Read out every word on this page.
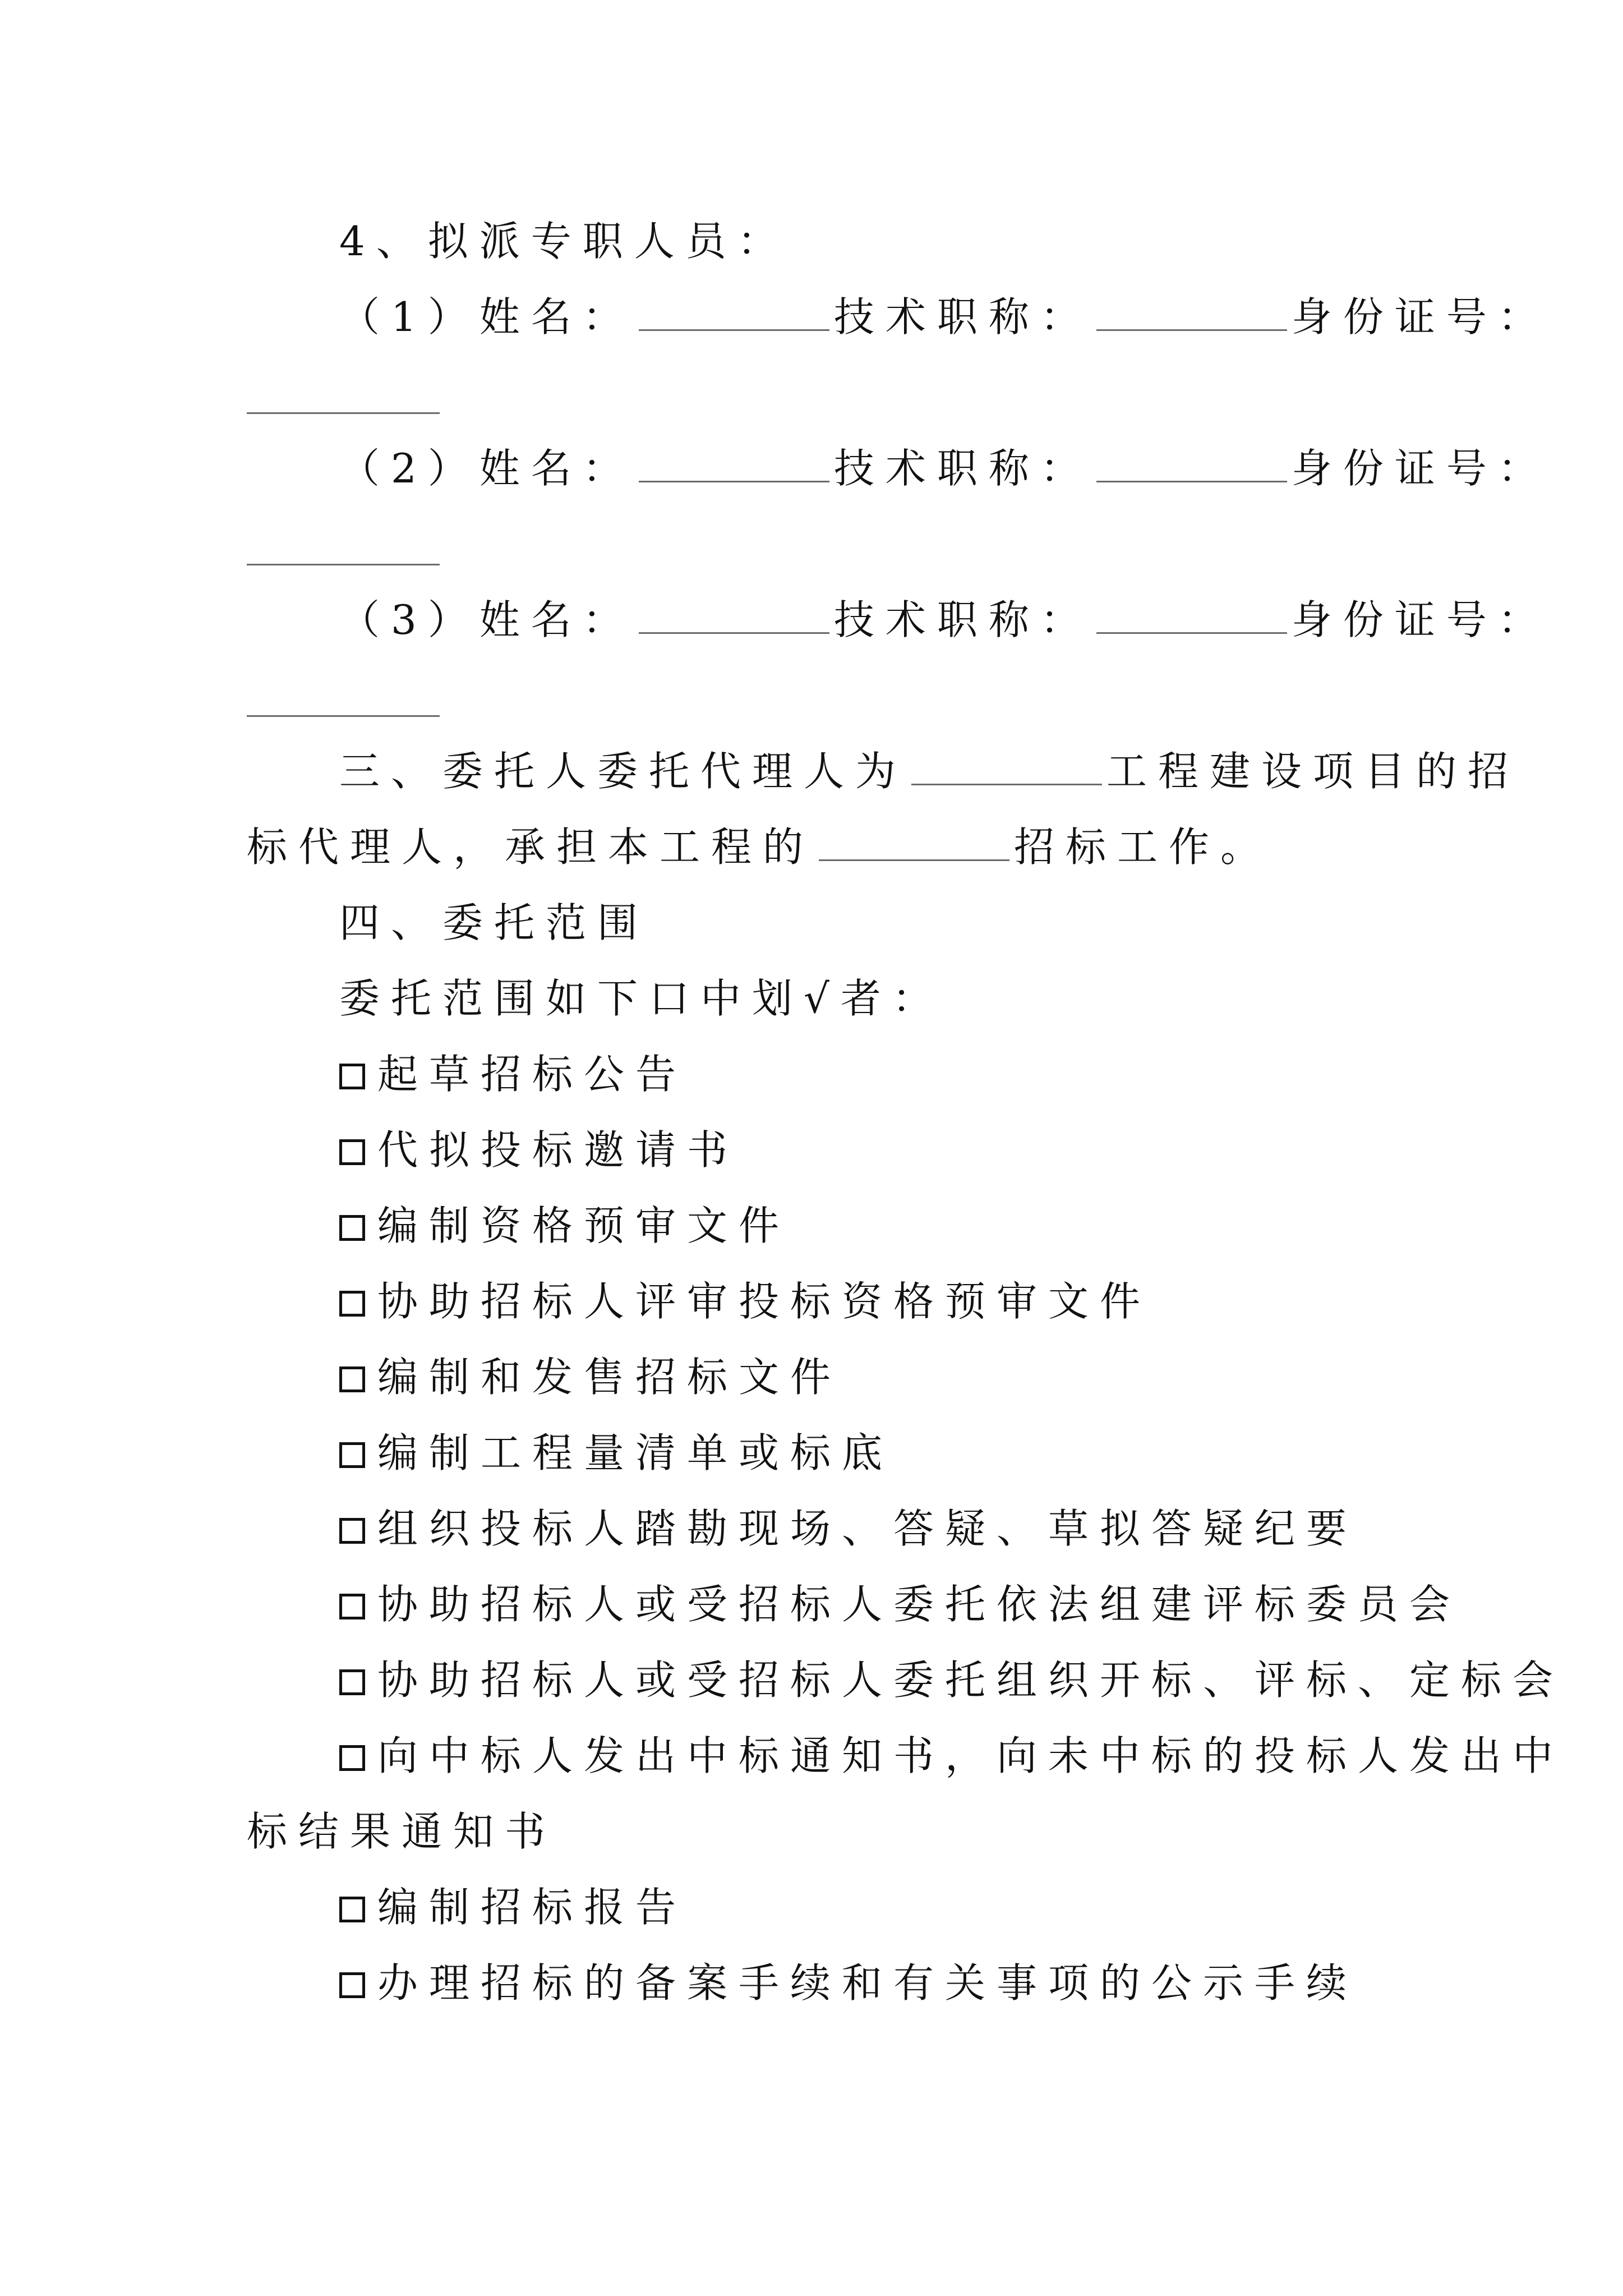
4、拟派专职人员：
（1）姓名：	技术职称：	身份证号：
（2）姓名：	技术职称：	身份证号：
（3）姓名：	技术职称：	身份证号：
三、委托人委托代理人为	工程建设项目的招
标代理人，承担本工程的	招标工作。
四、委托范围
委托范围如下口中划√者：
起草招标公告
代拟投标邀请书
编制资格预审文件
协助招标人评审投标资格预审文件
编制和发售招标文件
编制工程量清单或标底
组织投标人踏勘现场、答疑、草拟答疑纪要
协助招标人或受招标人委托依法组建评标委员会
协助招标人或受招标人委托组织开标、评标、定标会
向中标人发出中标通知书，向未中标的投标人发出中
标结果通知书
编制招标报告
办理招标的备案手续和有关事项的公示手续
